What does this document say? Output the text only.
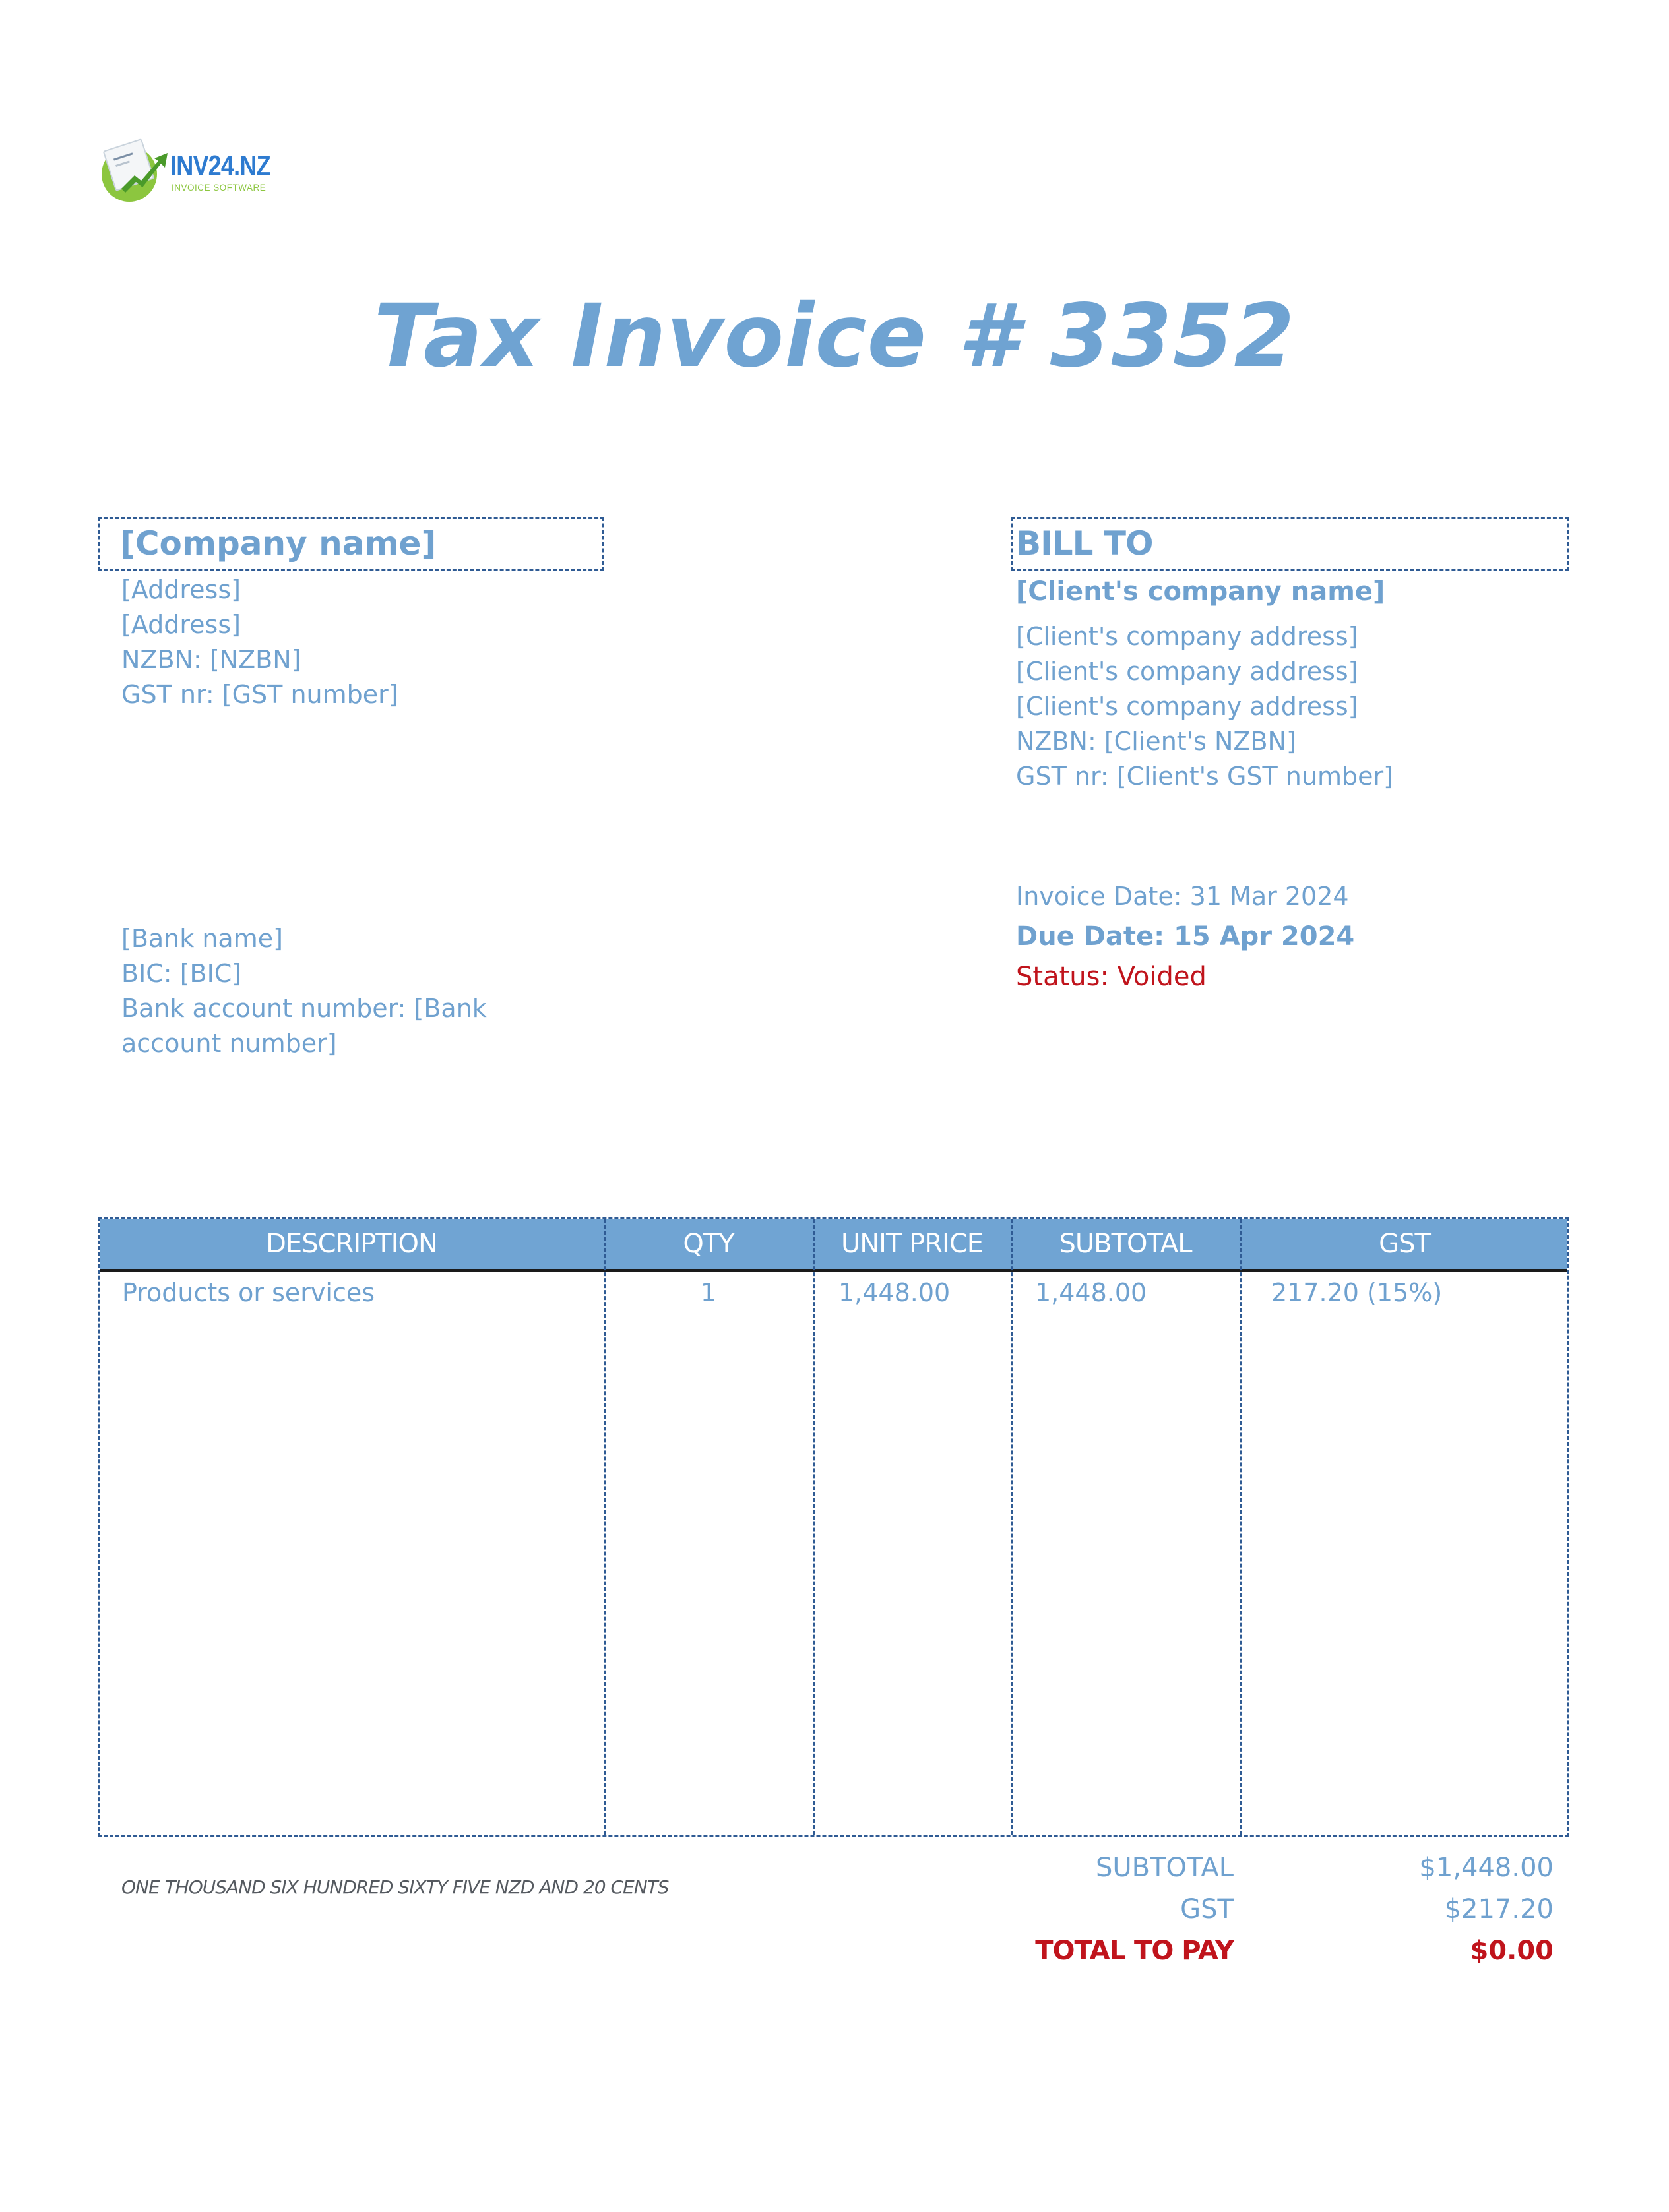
INV24.NZ
INVOICE SOFTWARE
Tax Invoice # 3352
[Company name]
[Address]
[Address]
NZBN: [NZBN]
GST nr: [GST number]
BILL TO
[Client's company name]
[Client's company address]
[Client's company address]
[Client's company address]
NZBN: [Client's NZBN]
GST nr: [Client's GST number]
Invoice Date: 31 Mar 2024
Due Date: 15 Apr 2024
Status: Voided
[Bank name]
BIC: [BIC]
Bank account number: [Bank account number]
DESCRIPTION	QTY	UNIT PRICE	SUBTOTAL	GST
Products or services	1	1,448.00	1,448.00	217.20 (15%)
ONE THOUSAND SIX HUNDRED SIXTY FIVE NZD AND 20 CENTS
SUBTOTAL	$1,448.00
GST	$217.20
TOTAL TO PAY	$0.00
